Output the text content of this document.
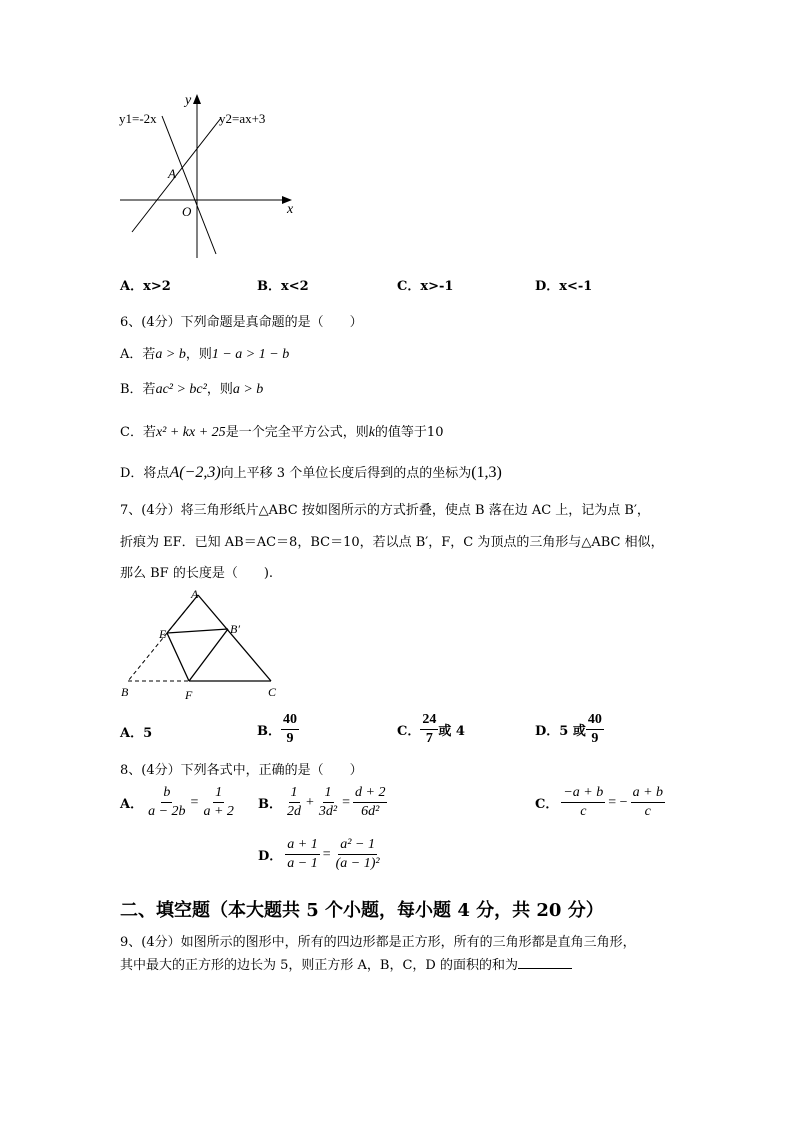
y
x
O
A
y1=-2x	y2=ax+3
A．x>2	B．x<2	C．x>-1	D．x<-1
6、(4分）下列命题是真命题的是（　　）
A．若a > b，则1 − a > 1 − b
B．若ac² > bc²，则a > b
C．若x² + kx + 25是一个完全平方公式，则k的值等于10
D．将点A(−2,3)向上平移 3 个单位长度后得到的点的坐标为(1,3)
7、(4分）将三角形纸片△ABC 按如图所示的方式折叠，使点 B 落在边 AC 上，记为点 B′，
折痕为 EF．已知 AB＝AC＝8，BC＝10，若以点 B′，F，C 为顶点的三角形与△ABC 相似，
那么 BF 的长度是（　　).
A
B	C
E
F
B′
A．5	B． $\frac{40}{9}$	C． $\frac{24}{7}$ 或 4	D．5 或 $\frac{40}{9}$
8、(4分）下列各式中，正确的是（　　）
A． $\frac{b}{a - 2b} = \frac{1}{a + 2}$ B． $\frac{1}{2d} + \frac{1}{\text{3d²}} = \frac{d + 2}{\text{6d²}}$	C． $\frac{-a + b}{c}$ = − $\frac{a + b}{c}$
D． $\frac{a + 1}{a - 1} = \frac{\text{a² − 1}}{\text{(a − 1)²}}$
二、填空题（本大题共 5 个小题，每小题 4 分，共 20 分）
9、(4分）如图所示的图形中，所有的四边形都是正方形，所有的三角形都是直角三角形，
其中最大的正方形的边长为 5，则正方形 A，B，C，D 的面积的和为
